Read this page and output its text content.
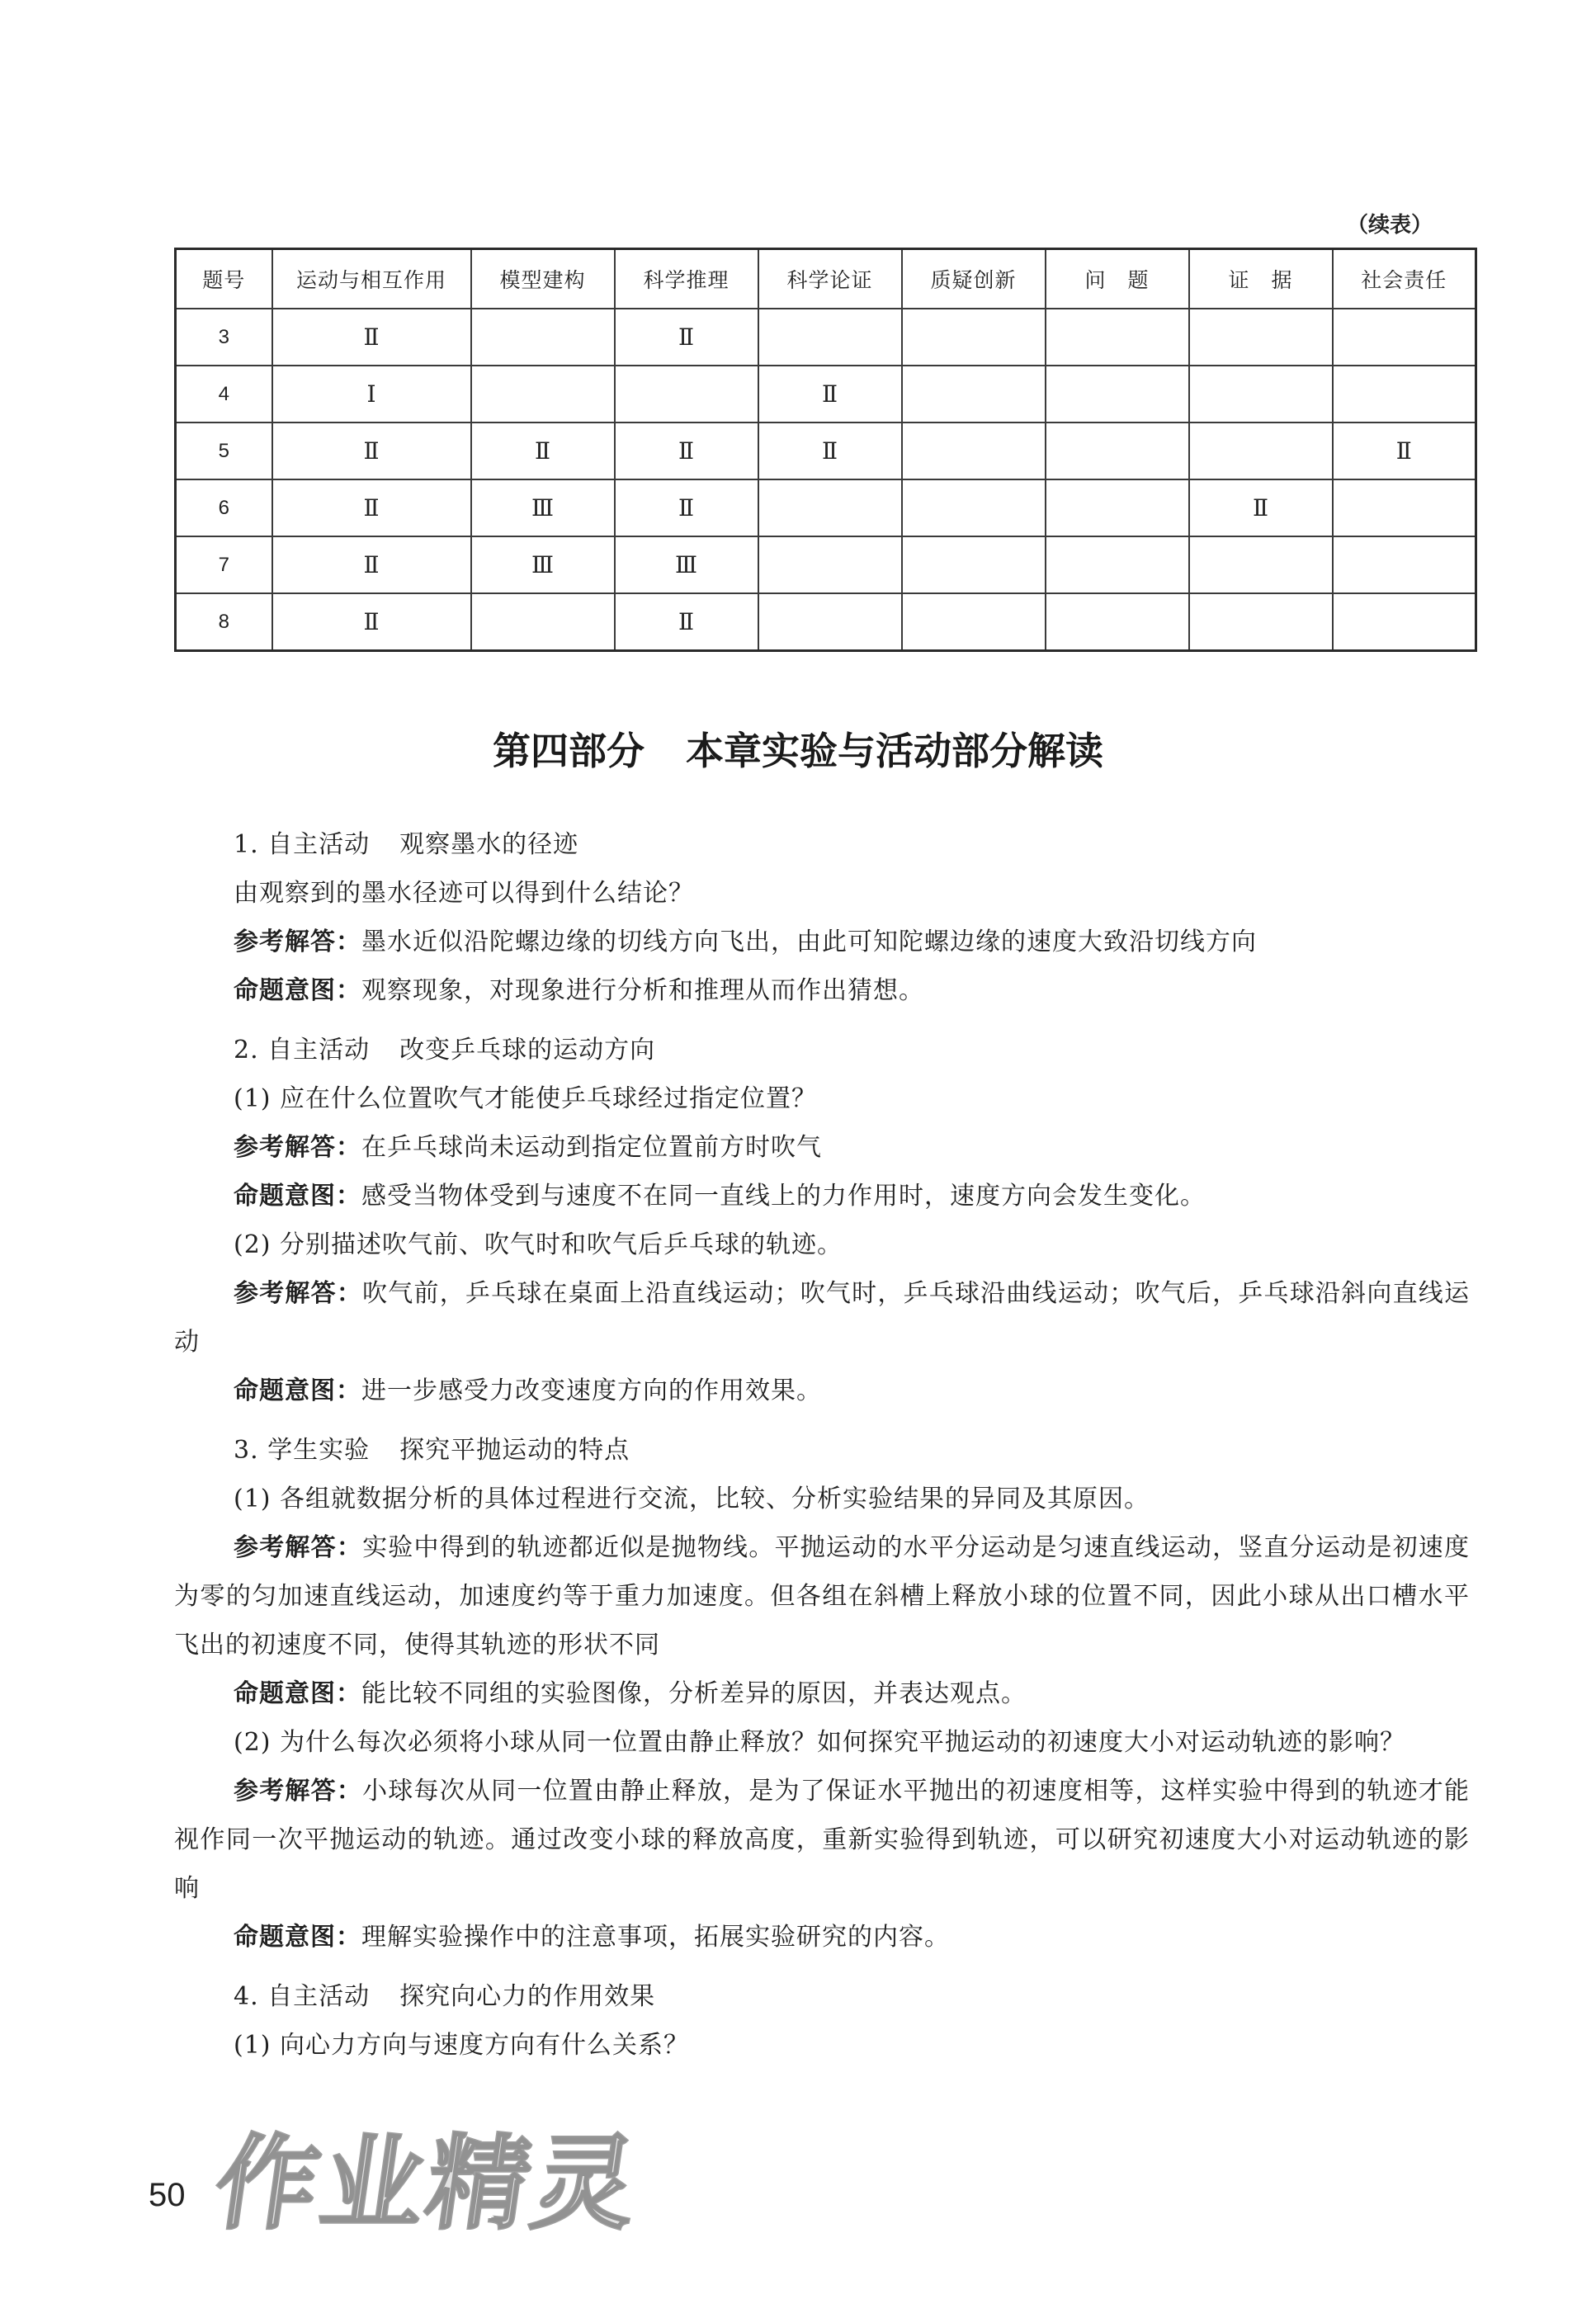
（续表）
题号	运动与相互作用	模型建构	科学推理	科学论证	质疑创新	问　题	证　据	社会责任
3	Ⅱ		Ⅱ					
4	Ⅰ			Ⅱ				
5	Ⅱ	Ⅱ	Ⅱ	Ⅱ				Ⅱ
6	Ⅱ	Ⅲ	Ⅱ				Ⅱ	
7	Ⅱ	Ⅲ	Ⅲ					
8	Ⅱ		Ⅱ					
第四部分 本章实验与活动部分解读

1. 自主活动 观察墨水的径迹

由观察到的墨水径迹可以得到什么结论？

参考解答：墨水近似沿陀螺边缘的切线方向飞出，由此可知陀螺边缘的速度大致沿切线方向

命题意图：观察现象，对现象进行分析和推理从而作出猜想。

2. 自主活动 改变乒乓球的运动方向

(1) 应在什么位置吹气才能使乒乓球经过指定位置？

参考解答：在乒乓球尚未运动到指定位置前方时吹气

命题意图：感受当物体受到与速度不在同一直线上的力作用时，速度方向会发生变化。

(2) 分别描述吹气前、吹气时和吹气后乒乓球的轨迹。

参考解答：吹气前，乒乓球在桌面上沿直线运动；吹气时，乒乓球沿曲线运动；吹气后，乒乓球沿斜向直线运动

命题意图：进一步感受力改变速度方向的作用效果。

3. 学生实验 探究平抛运动的特点

(1) 各组就数据分析的具体过程进行交流，比较、分析实验结果的异同及其原因。

参考解答：实验中得到的轨迹都近似是抛物线。平抛运动的水平分运动是匀速直线运动，竖直分运动是初速度为零的匀加速直线运动，加速度约等于重力加速度。但各组在斜槽上释放小球的位置不同，因此小球从出口槽水平飞出的初速度不同，使得其轨迹的形状不同

命题意图：能比较不同组的实验图像，分析差异的原因，并表达观点。

(2) 为什么每次必须将小球从同一位置由静止释放？如何探究平抛运动的初速度大小对运动轨迹的影响？

参考解答：小球每次从同一位置由静止释放，是为了保证水平抛出的初速度相等，这样实验中得到的轨迹才能视作同一次平抛运动的轨迹。通过改变小球的释放高度，重新实验得到轨迹，可以研究初速度大小对运动轨迹的影响

命题意图：理解实验操作中的注意事项，拓展实验研究的内容。

4. 自主活动 探究向心力的作用效果

(1) 向心力方向与速度方向有什么关系？

50 作业精灵
